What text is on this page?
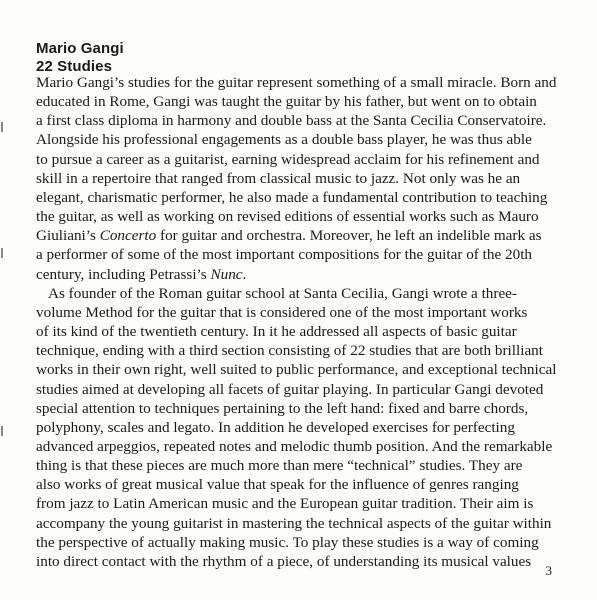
Mario Gangi
22 Studies

Mario Gangi’s studies for the guitar represent something of a small miracle. Born and
educated in Rome, Gangi was taught the guitar by his father, but went on to obtain
a first class diploma in harmony and double bass at the Santa Cecilia Conservatoire.
Alongside his professional engagements as a double bass player, he was thus able
to pursue a career as a guitarist, earning widespread acclaim for his refinement and
skill in a repertoire that ranged from classical music to jazz. Not only was he an
elegant, charismatic performer, he also made a fundamental contribution to teaching
the guitar, as well as working on revised editions of essential works such as Mauro
Giuliani’s Concerto for guitar and orchestra. Moreover, he left an indelible mark as
a performer of some of the most important compositions for the guitar of the 20th
century, including Petrassi’s Nunc.

As founder of the Roman guitar school at Santa Cecilia, Gangi wrote a three-
volume Method for the guitar that is considered one of the most important works
of its kind of the twentieth century. In it he addressed all aspects of basic guitar
technique, ending with a third section consisting of 22 studies that are both brilliant
works in their own right, well suited to public performance, and exceptional technical
studies aimed at developing all facets of guitar playing. In particular Gangi devoted
special attention to techniques pertaining to the left hand: fixed and barre chords,
polyphony, scales and legato. In addition he developed exercises for perfecting
advanced arpeggios, repeated notes and melodic thumb position. And the remarkable
thing is that these pieces are much more than mere “technical” studies. They are
also works of great musical value that speak for the influence of genres ranging
from jazz to Latin American music and the European guitar tradition. Their aim is
accompany the young guitarist in mastering the technical aspects of the guitar within
the perspective of actually making music. To play these studies is a way of coming
into direct contact with the rhythm of a piece, of understanding its musical values

3
